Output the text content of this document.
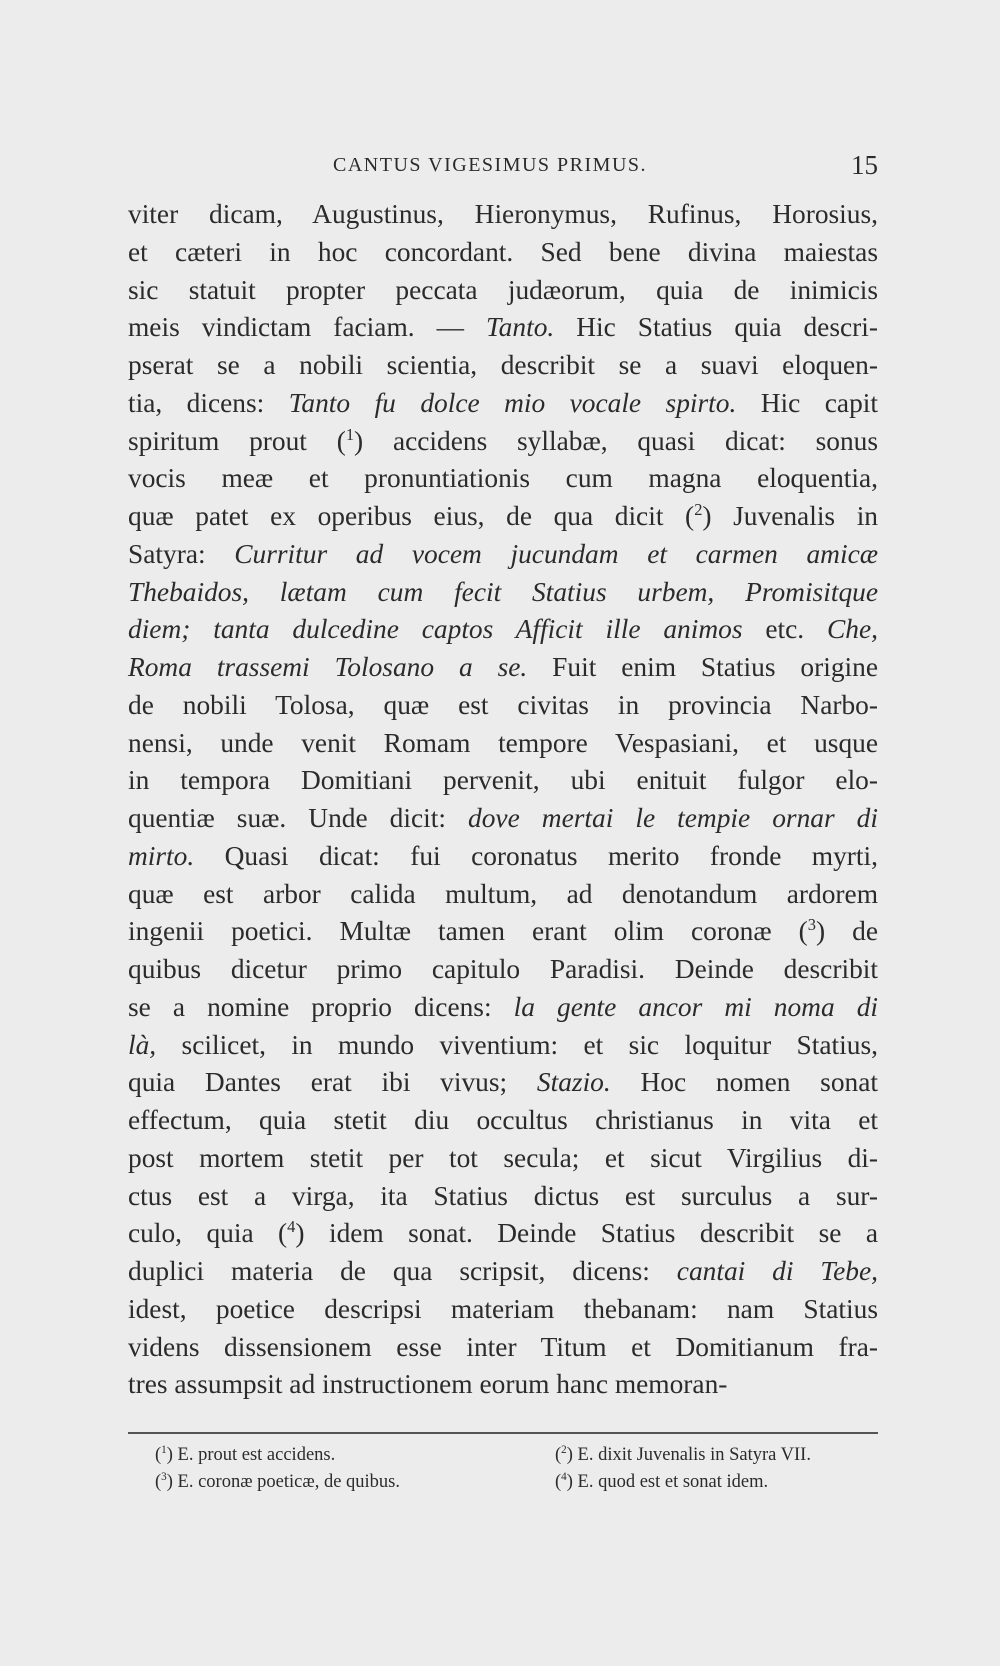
CANTUS VIGESIMUS PRIMUS.	15
viter dicam, Augustinus, Hieronymus, Rufinus, Horosius,
et cæteri in hoc concordant. Sed bene divina maiestas
sic statuit propter peccata judæorum, quia de inimicis
meis vindictam faciam. — Tanto. Hic Statius quia descri-
pserat se a nobili scientia, describit se a suavi eloquen-
tia, dicens: Tanto fu dolce mio vocale spirto. Hic capit
spiritum prout ($^1$) accidens syllabæ, quasi dicat: sonus
vocis meæ et pronuntiationis cum magna eloquentia,
quæ patet ex operibus eius, de qua dicit ($^2$) Juvenalis in
Satyra: Curritur ad vocem jucundam et carmen amicæ
Thebaidos, lætam cum fecit Statius urbem, Promisitque
diem; tanta dulcedine captos Afficit ille animos etc. Che,
Roma trassemi Tolosano a se. Fuit enim Statius origine
de nobili Tolosa, quæ est civitas in provincia Narbo-
nensi, unde venit Romam tempore Vespasiani, et usque
in tempora Domitiani pervenit, ubi enituit fulgor elo-
quentiæ suæ. Unde dicit: dove mertai le tempie ornar di
mirto. Quasi dicat: fui coronatus merito fronde myrti,
quæ est arbor calida multum, ad denotandum ardorem
ingenii poetici. Multæ tamen erant olim coronæ ($^3$) de
quibus dicetur primo capitulo Paradisi. Deinde describit
se a nomine proprio dicens: la gente ancor mi noma di
là, scilicet, in mundo viventium: et sic loquitur Statius,
quia Dantes erat ibi vivus; Stazio. Hoc nomen sonat
effectum, quia stetit diu occultus christianus in vita et
post mortem stetit per tot secula; et sicut Virgilius di-
ctus est a virga, ita Statius dictus est surculus a sur-
culo, quia ($^4$) idem sonat. Deinde Statius describit se a
duplici materia de qua scripsit, dicens: cantai di Tebe,
idest, poetice descripsi materiam thebanam: nam Statius
videns dissensionem esse inter Titum et Domitianum fra-
tres assumpsit ad instructionem eorum hanc memoran-
($^1$) E. prout est accidens.	($^2$) E. dixit Juvenalis in Satyra VII.
($^3$) E. coronæ poeticæ, de quibus.	($^4$) E. quod est et sonat idem.
